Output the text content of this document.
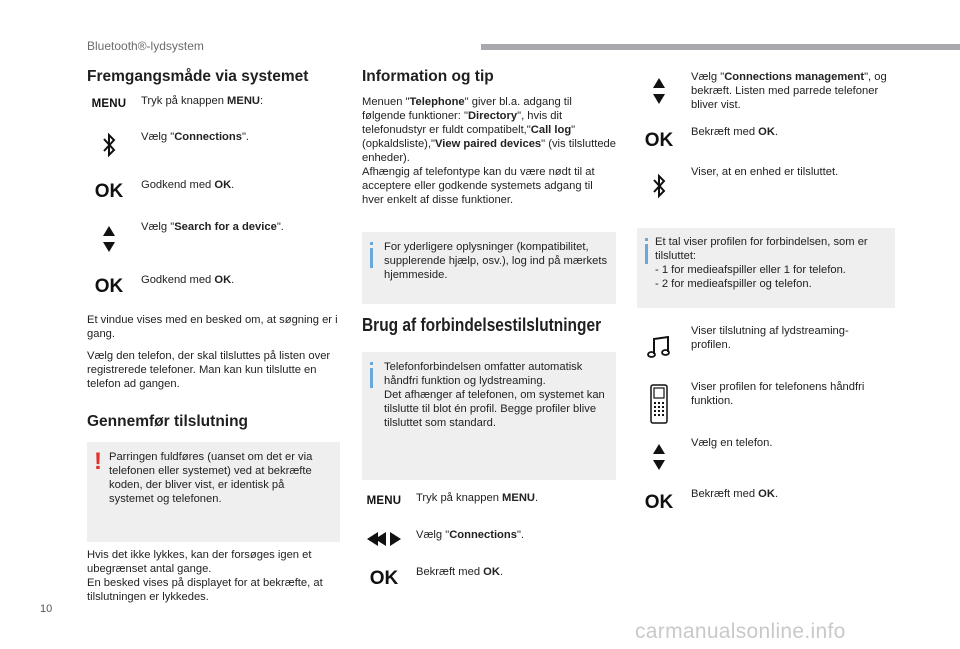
Bluetooth®-lydsystem
Fremgangsmåde via systemet
MENU Tryk på knappen MENU:
Vælg "Connections".
OK Godkend med OK.
Vælg "Search for a device".
OK Godkend med OK.

Et vindue vises med en besked om, at søgning er i gang.

Vælg den telefon, der skal tilsluttes på listen over registrerede telefoner. Man kan kun tilslutte en telefon ad gangen.

Gennemfør tilslutning
! Parringen fuldføres (uanset om det er via telefonen eller systemet) ved at bekræfte koden, der bliver vist, er identisk på systemet og telefonen.

Hvis det ikke lykkes, kan der forsøges igen et ubegrænset antal gange.

En besked vises på displayet for at bekræfte, at tilslutningen er lykkedes.

Information og tip

Menuen "Telephone" giver bl.a. adgang til følgende funktioner: "Directory", hvis dit telefonudstyr er fuldt compatibelt,"Call log" (opkaldsliste),"View paired devices" (vis tilsluttede enheder).

Afhængig af telefontype kan du være nødt til at acceptere eller godkende systemets adgang til hver enkelt af disse funktioner.

For yderligere oplysninger (kompatibilitet, supplerende hjælp, osv.), log ind på mærkets hjemmeside.
Brug af forbindelsestilslutninger
Telefonforbindelsen omfatter automatisk håndfri funktion og lydstreaming.
Det afhænger af telefonen, om systemet kan tilslutte til blot én profil. Begge profiler blive tilsluttet som standard.
MENU Tryk på knappen MENU.
Vælg "Connections".
OK Bekræft med OK.
Vælg "Connections management", og bekræft. Listen med parrede telefoner bliver vist.
OK Bekræft med OK.
Viser, at en enhed er tilsluttet.
Et tal viser profilen for forbindelsen, som er tilsluttet:
- 1 for medieafspiller eller 1 for telefon.
- 2 for medieafspiller og telefon.
Viser tilslutning af lydstreaming-profilen.
Viser profilen for telefonens håndfri funktion.
Vælg en telefon.
OK Bekræft med OK.
10
carmanualsonline.info
